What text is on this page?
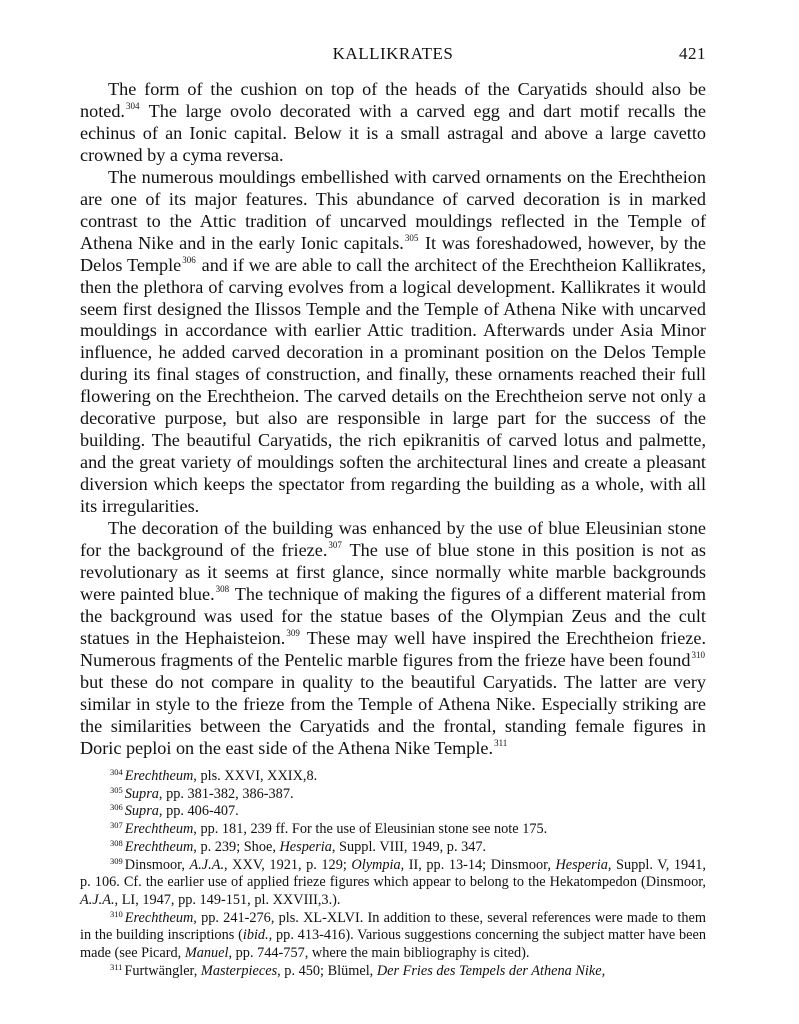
KALLIKRATES	421

The form of the cushion on top of the heads of the Caryatids should also be noted.$^{304}$ The large ovolo decorated with a carved egg and dart motif recalls the echinus of an Ionic capital. Below it is a small astragal and above a large cavetto crowned by a cyma reversa.

The numerous mouldings embellished with carved ornaments on the Erechtheion are one of its major features. This abundance of carved decoration is in marked contrast to the Attic tradition of uncarved mouldings reflected in the Temple of Athena Nike and in the early Ionic capitals.$^{305}$ It was foreshadowed, however, by the Delos Temple$^{306}$ and if we are able to call the architect of the Erechtheion Kallikrates, then the plethora of carving evolves from a logical development. Kallikrates it would seem first designed the Ilissos Temple and the Temple of Athena Nike with uncarved mouldings in accordance with earlier Attic tradition. Afterwards under Asia Minor influence, he added carved decoration in a prominant position on the Delos Temple during its final stages of construction, and finally, these ornaments reached their full flowering on the Erechtheion. The carved details on the Erechtheion serve not only a decorative purpose, but also are responsible in large part for the success of the building. The beautiful Caryatids, the rich epikranitis of carved lotus and palmette, and the great variety of mouldings soften the architectural lines and create a pleasant diversion which keeps the spectator from regarding the building as a whole, with all its irregularities.

The decoration of the building was enhanced by the use of blue Eleusinian stone for the background of the frieze.$^{307}$ The use of blue stone in this position is not as revolutionary as it seems at first glance, since normally white marble backgrounds were painted blue.$^{308}$ The technique of making the figures of a different material from the background was used for the statue bases of the Olympian Zeus and the cult statues in the Hephaisteion.$^{309}$ These may well have inspired the Erechtheion frieze. Numerous fragments of the Pentelic marble figures from the frieze have been found$^{310}$ but these do not compare in quality to the beautiful Caryatids. The latter are very similar in style to the frieze from the Temple of Athena Nike. Especially striking are the similarities between the Caryatids and the frontal, standing female figures in Doric peploi on the east side of the Athena Nike Temple.$^{311}$

$^{304}$ Erechtheum, pls. XXVI, XXIX,8.

$^{305}$ Supra, pp. 381-382, 386-387.

$^{306}$ Supra, pp. 406-407.

$^{307}$ Erechtheum, pp. 181, 239 ff. For the use of Eleusinian stone see note 175.

$^{308}$ Erechtheum, p. 239; Shoe, Hesperia, Suppl. VIII, 1949, p. 347.

$^{309}$ Dinsmoor, A.J.A., XXV, 1921, p. 129; Olympia, II, pp. 13-14; Dinsmoor, Hesperia, Suppl. V, 1941, p. 106. Cf. the earlier use of applied frieze figures which appear to belong to the Hekatompedon (Dinsmoor, A.J.A., LI, 1947, pp. 149-151, pl. XXVIII,3.).

$^{310}$ Erechtheum, pp. 241-276, pls. XL-XLVI. In addition to these, several references were made to them in the building inscriptions (ibid., pp. 413-416). Various suggestions concerning the subject matter have been made (see Picard, Manuel, pp. 744-757, where the main bibliography is cited).

$^{311}$ Furtwängler, Masterpieces, p. 450; Blümel, Der Fries des Tempels der Athena Nike,
